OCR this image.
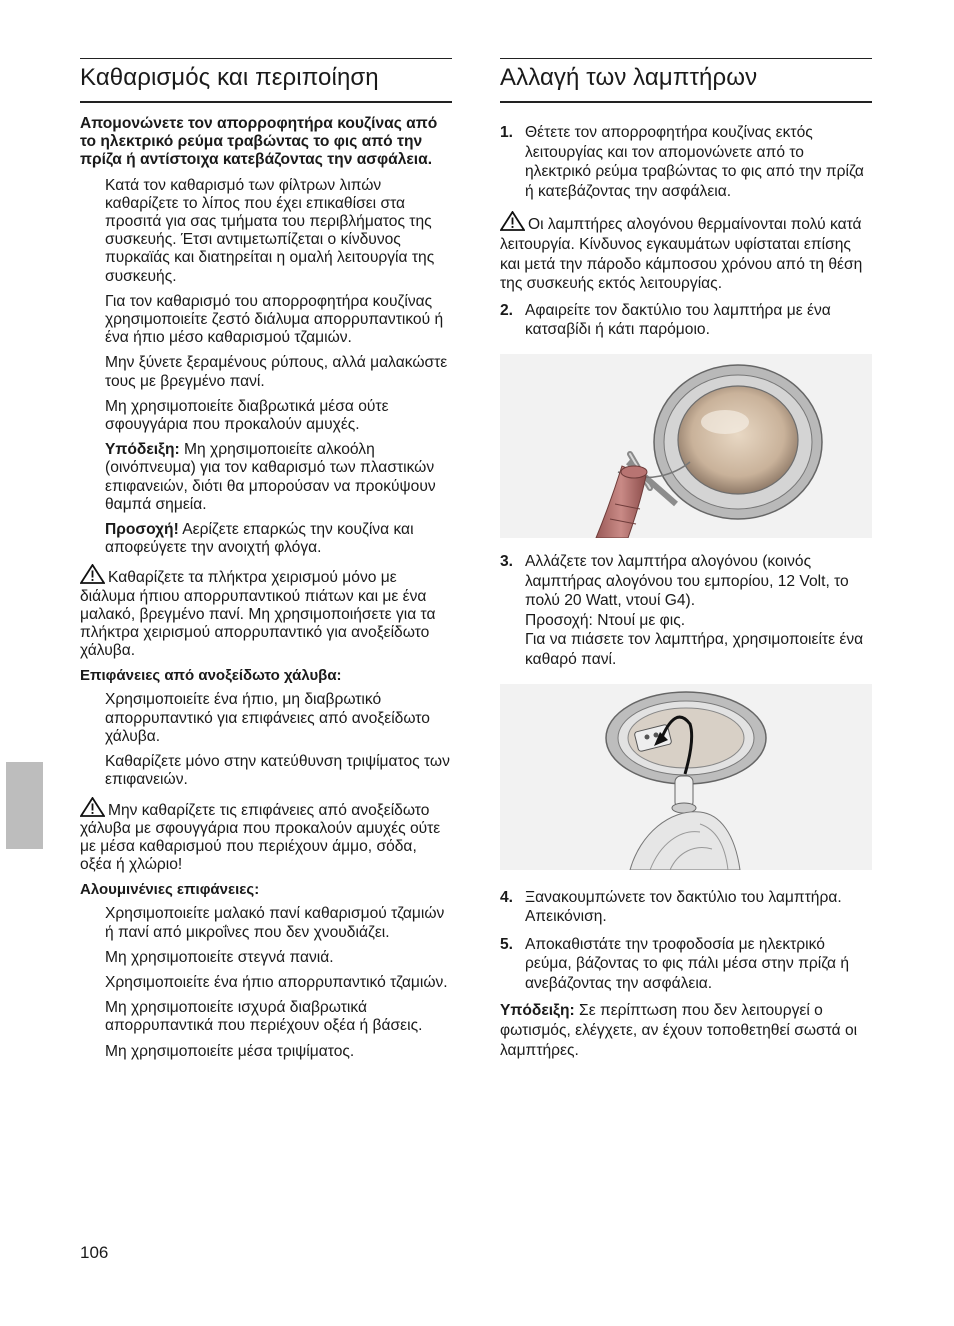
Καθαρισμός και περιποίηση

Απομονώνετε τον απορροφητήρα κουζίνας από το ηλεκτρικό ρεύμα τραβώντας το φις από την πρίζα ή αντίστοιχα κατεβάζοντας την ασφάλεια.

Κατά τον καθαρισμό των φίλτρων λιπών καθαρίζετε το λίπος που έχει επικαθίσει στα προσιτά για σας τμήματα του περιβλήματος της συσκευής. Έτσι αντιμετωπίζεται ο κίνδυνος πυρκαϊάς και διατηρείται η ομαλή λειτουργία της συσκευής.

Για τον καθαρισμό του απορροφητήρα κουζίνας χρησιμοποιείτε ζεστό διάλυμα απορρυπαντικού ή ένα ήπιο μέσο καθαρισμού τζαμιών.

Μην ξύνετε ξεραμένους ρύπους, αλλά μαλακώστε τους με βρεγμένο πανί.

Μη χρησιμοποιείτε διαβρωτικά μέσα ούτε σφουγγάρια που προκαλούν αμυχές.

Υπόδειξη: Μη χρησιμοποιείτε αλκοόλη (οινόπνευμα) για τον καθαρισμό των πλαστικών επιφανειών, διότι θα μπορούσαν να προκύψουν θαμπά σημεία.

Προσοχή! Αερίζετε επαρκώς την κουζίνα και αποφεύγετε την ανοιχτή φλόγα.

Καθαρίζετε τα πλήκτρα χειρισμού μόνο με διάλυμα ήπιου απορρυπαντικού πιάτων και με ένα μαλακό, βρεγμένο πανί. Μη χρησιμοποιήσετε για τα πλήκτρα χειρισμού απορρυπαντικό για ανοξείδωτο χάλυβα.

Επιφάνειες από ανοξείδωτο χάλυβα:

Χρησιμοποιείτε ένα ήπιο, μη διαβρωτικό απορρυπαντικό για επιφάνειες από ανοξείδωτο χάλυβα.

Καθαρίζετε μόνο στην κατεύθυνση τριψίματος των επιφανειών.

Μην καθαρίζετε τις επιφάνειες από ανοξείδωτο χάλυβα με σφουγγάρια που προκαλούν αμυχές ούτε με μέσα καθαρισμού που περιέχουν άμμο, σόδα, οξέα ή χλώριο!

Αλουμινένιες επιφάνειες:

Χρησιμοποιείτε μαλακό πανί καθαρισμού τζαμιών ή πανί από μικροΐνες που δεν χνουδιάζει.

Μη χρησιμοποιείτε στεγνά πανιά.

Χρησιμοποιείτε ένα ήπιο απορρυπαντικό τζαμιών.

Μη χρησιμοποιείτε ισχυρά διαβρωτικά απορρυπαντικά που περιέχουν οξέα ή βάσεις.

Μη χρησιμοποιείτε μέσα τριψίματος.

Αλλαγή των λαμπτήρων
1. Θέτετε τον απορροφητήρα κουζίνας εκτός λειτουργίας και τον απομονώνετε από το ηλεκτρικό ρεύμα τραβώντας το φις από την πρίζα ή κατεβάζοντας την ασφάλεια.

Οι λαμπτήρες αλογόνου θερμαίνονται πολύ κατά λειτουργία. Κίνδυνος εγκαυμάτων υφίσταται επίσης και μετά την πάροδο κάμποσου χρόνου από τη θέση της συσκευής εκτός λειτουργίας.

2. Αφαιρείτε τον δακτύλιο του λαμπτήρα με ένα κατσαβίδι ή κάτι παρόμοιο.
3. Αλλάζετε τον λαμπτήρα αλογόνου (κοινός λαμπτήρας αλογόνου του εμπορίου, 12 Volt, το πολύ 20 Watt, ντουί G4).
Προσοχή: Ντουί με φις.
Για να πιάσετε τον λαμπτήρα, χρησιμοποιείτε ένα καθαρό πανί.
4. Ξανακουμπώνετε τον δακτύλιο του λαμπτήρα. Απεικόνιση.
5. Αποκαθιστάτε την τροφοδοσία με ηλεκτρικό ρεύμα, βάζοντας το φις πάλι μέσα στην πρίζα ή ανεβάζοντας την ασφάλεια.

Υπόδειξη: Σε περίπτωση που δεν λειτουργεί ο φωτισμός, ελέγχετε, αν έχουν τοποθετηθεί σωστά οι λαμπτήρες.

106
